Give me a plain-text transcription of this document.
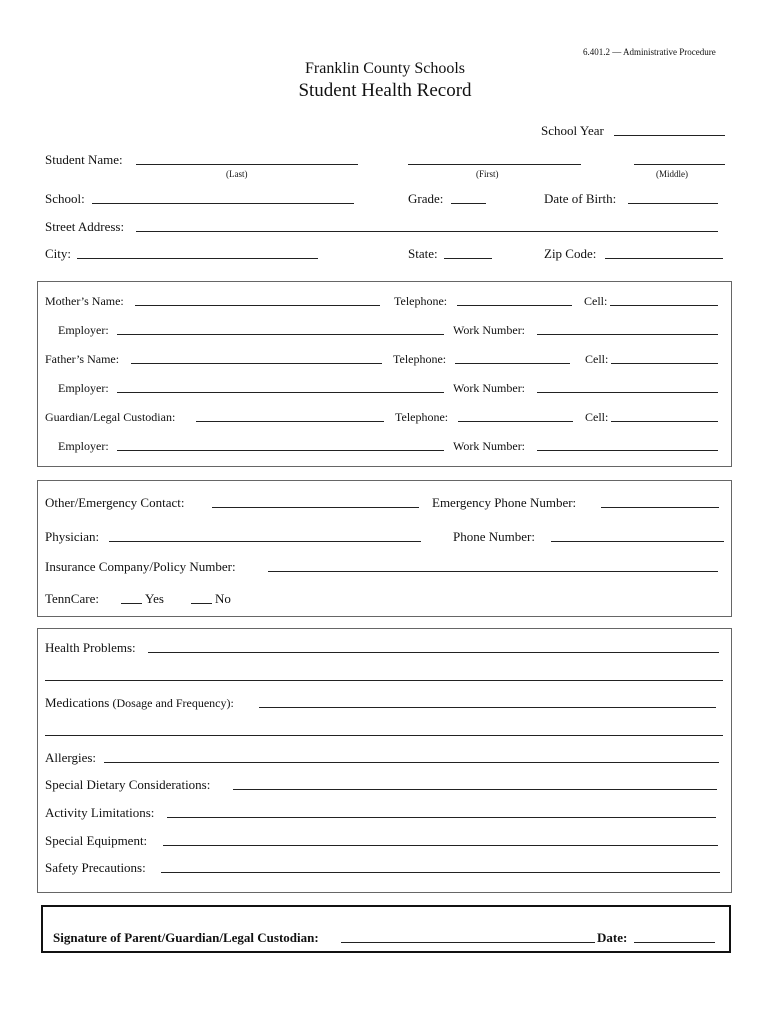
6.401.2 — Administrative Procedure
Franklin County Schools
Student Health Record
School Year
Student Name:
(Last)	(First)	(Middle)
School:	Grade:	Date of Birth:
Street Address:
City:	State:	Zip Code:
Mother’s Name:	Telephone:	Cell:
Employer:	Work Number:
Father’s Name:	Telephone:	Cell:
Employer:	Work Number:
Guardian/Legal Custodian:	Telephone:	Cell:
Employer:	Work Number:
Other/Emergency Contact:	Emergency Phone Number:
Physician:	Phone Number:
Insurance Company/Policy Number:
TennCare:	Yes	No
Health Problems:
Medications (Dosage and Frequency):
Allergies:
Special Dietary Considerations:
Activity Limitations:
Special Equipment:
Safety Precautions:
Signature of Parent/Guardian/Legal Custodian:	Date:
